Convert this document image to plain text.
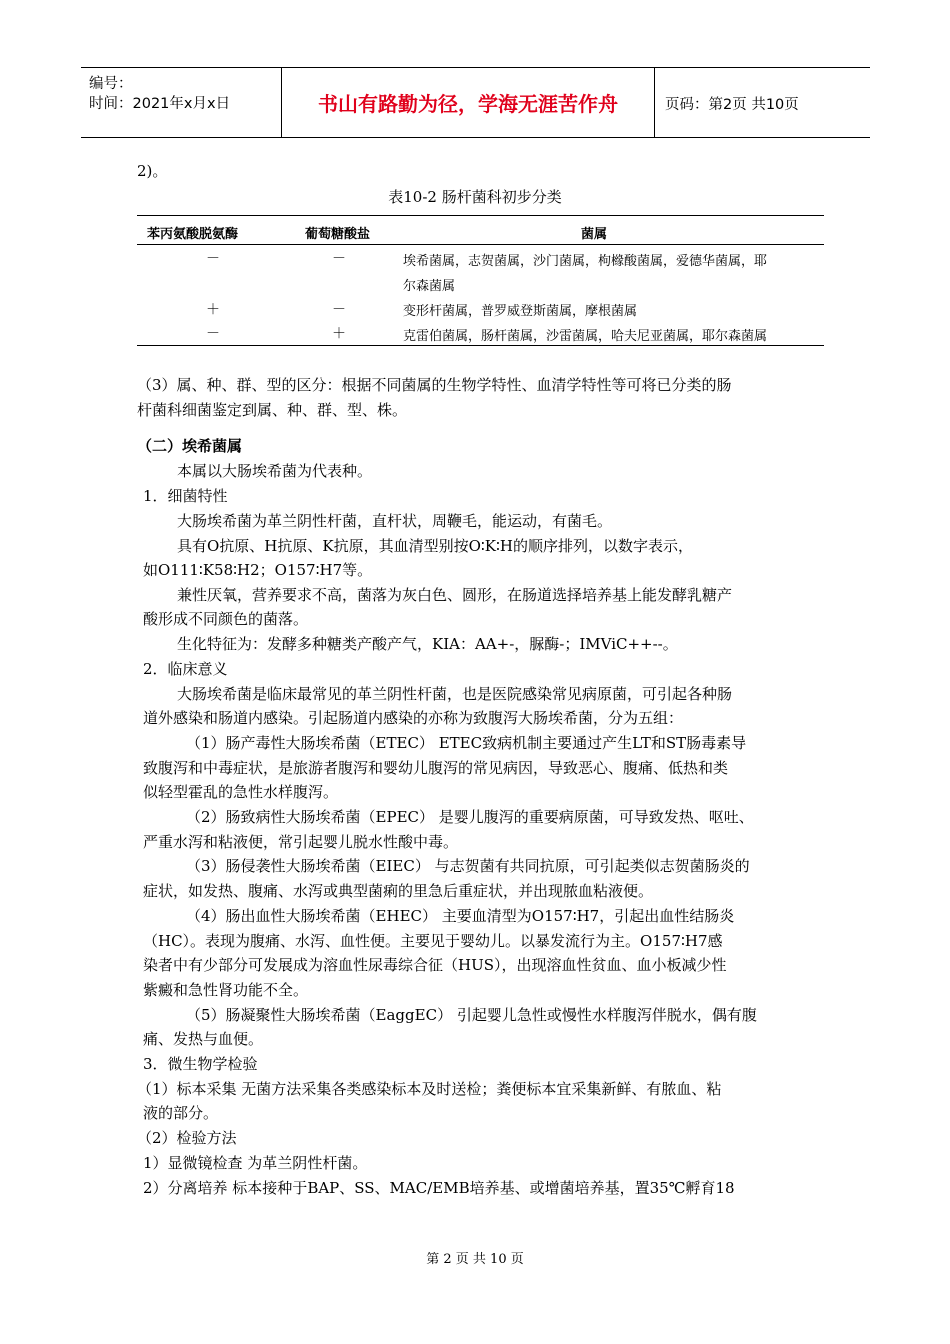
编号：
时间：2021年x月x日	书山有路勤为径，学海无涯苦作舟	页码：第2页 共10页
2)。
表10-2 肠杆菌科初步分类
苯丙氨酸脱氨酶	葡萄糖酸盐	菌属
－	－	埃希菌属，志贺菌属，沙门菌属，枸橼酸菌属，爱德华菌属，耶
尔森菌属
＋	－	变形杆菌属，普罗威登斯菌属，摩根菌属
－	＋	克雷伯菌属，肠杆菌属，沙雷菌属，哈夫尼亚菌属，耶尔森菌属
（3）属、种、群、型的区分：根据不同菌属的生物学特性、血清学特性等可将已分类的肠
杆菌科细菌鉴定到属、种、群、型、株。
（二）埃希菌属
本属以大肠埃希菌为代表种。
1．细菌特性
大肠埃希菌为革兰阴性杆菌，直杆状，周鞭毛，能运动，有菌毛。
具有O抗原、H抗原、K抗原，其血清型别按O∶K∶H的顺序排列，以数字表示，
如O111∶K58∶H2；O157∶H7等。
兼性厌氧，营养要求不高，菌落为灰白色、圆形，在肠道选择培养基上能发酵乳糖产
酸形成不同颜色的菌落。
生化特征为：发酵多种糖类产酸产气，KIA：AA+-，脲酶-；IMViC++--。
2．临床意义
大肠埃希菌是临床最常见的革兰阴性杆菌，也是医院感染常见病原菌，可引起各种肠
道外感染和肠道内感染。引起肠道内感染的亦称为致腹泻大肠埃希菌，分为五组：
（1）肠产毒性大肠埃希菌（ETEC） ETEC致病机制主要通过产生LT和ST肠毒素导
致腹泻和中毒症状，是旅游者腹泻和婴幼儿腹泻的常见病因，导致恶心、腹痛、低热和类
似轻型霍乱的急性水样腹泻。
（2）肠致病性大肠埃希菌（EPEC） 是婴儿腹泻的重要病原菌，可导致发热、呕吐、
严重水泻和粘液便，常引起婴儿脱水性酸中毒。
（3）肠侵袭性大肠埃希菌（EIEC） 与志贺菌有共同抗原，可引起类似志贺菌肠炎的
症状，如发热、腹痛、水泻或典型菌痢的里急后重症状，并出现脓血粘液便。
（4）肠出血性大肠埃希菌（EHEC） 主要血清型为O157∶H7，引起出血性结肠炎
（HC）。表现为腹痛、水泻、血性便。主要见于婴幼儿。以暴发流行为主。O157∶H7感
染者中有少部分可发展成为溶血性尿毒综合征（HUS），出现溶血性贫血、血小板减少性
紫癜和急性肾功能不全。
（5）肠凝聚性大肠埃希菌（EaggEC） 引起婴儿急性或慢性水样腹泻伴脱水，偶有腹
痛、发热与血便。
3．微生物学检验
（1）标本采集 无菌方法采集各类感染标本及时送检；粪便标本宜采集新鲜、有脓血、粘
液的部分。
（2）检验方法
1）显微镜检查 为革兰阴性杆菌。
2）分离培养 标本接种于BAP、SS、MAC/EMB培养基、或增菌培养基，置35℃孵育18
第 2 页 共 10 页
